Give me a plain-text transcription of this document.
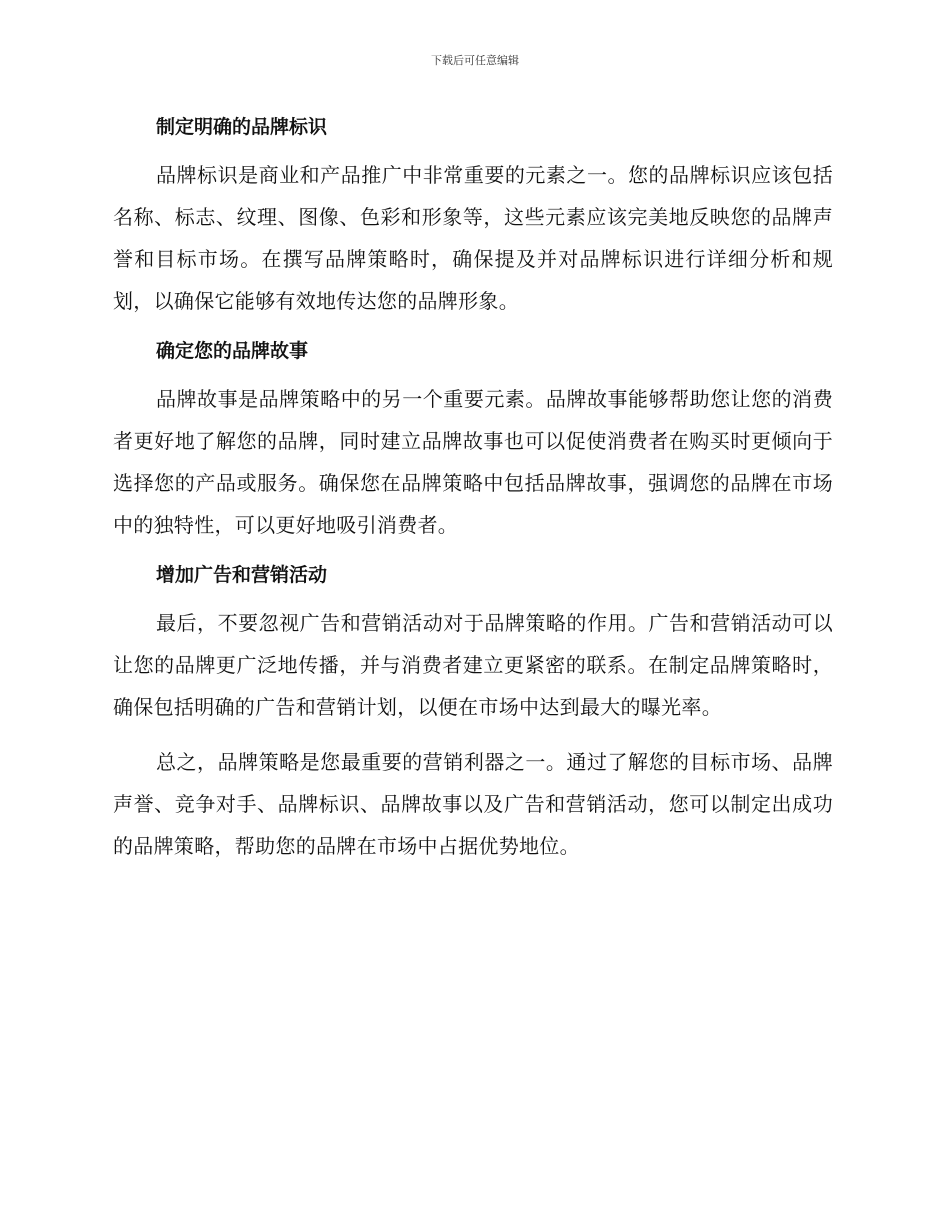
下载后可任意编辑
制定明确的品牌标识

品牌标识是商业和产品推广中非常重要的元素之一。您的品牌标识应该包括名称、标志、纹理、图像、色彩和形象等，这些元素应该完美地反映您的品牌声誉和目标市场。在撰写品牌策略时，确保提及并对品牌标识进行详细分析和规划，以确保它能够有效地传达您的品牌形象。

确定您的品牌故事

品牌故事是品牌策略中的另一个重要元素。品牌故事能够帮助您让您的消费者更好地了解您的品牌，同时建立品牌故事也可以促使消费者在购买时更倾向于选择您的产品或服务。确保您在品牌策略中包括品牌故事，强调您的品牌在市场中的独特性，可以更好地吸引消费者。

增加广告和营销活动

最后，不要忽视广告和营销活动对于品牌策略的作用。广告和营销活动可以让您的品牌更广泛地传播，并与消费者建立更紧密的联系。在制定品牌策略时，确保包括明确的广告和营销计划，以便在市场中达到最大的曝光率。

总之，品牌策略是您最重要的营销利器之一。通过了解您的目标市场、品牌声誉、竞争对手、品牌标识、品牌故事以及广告和营销活动，您可以制定出成功的品牌策略，帮助您的品牌在市场中占据优势地位。
